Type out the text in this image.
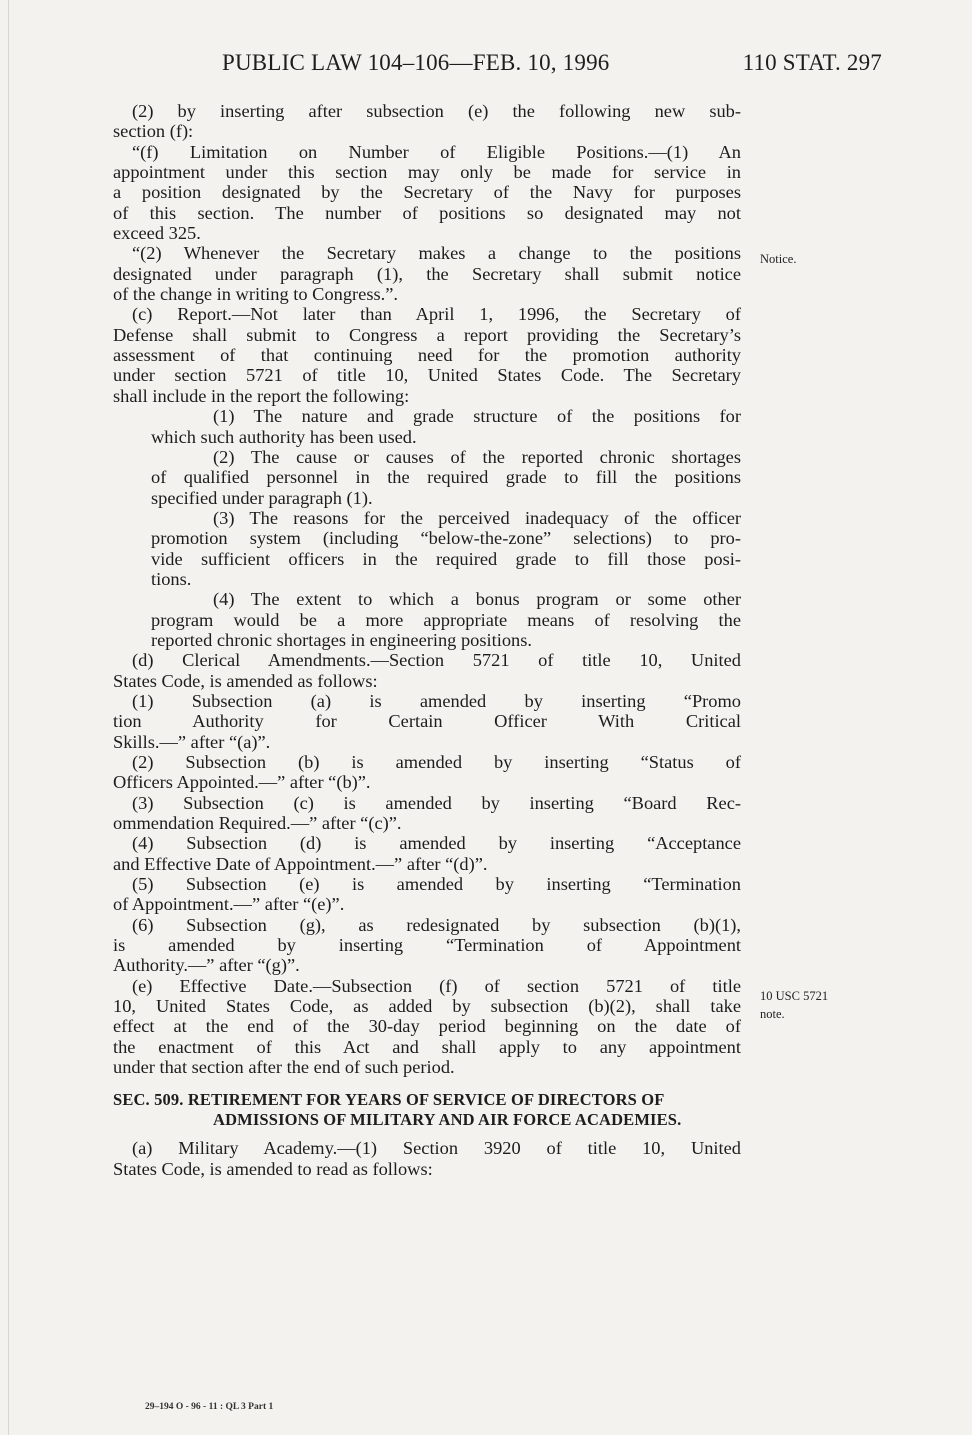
PUBLIC LAW 104–106—FEB. 10, 1996	110 STAT. 297
(2) by inserting after subsection (e) the following new sub-
section (f):
“(f) Limitation on Number of Eligible Positions.—(1) An
appointment under this section may only be made for service in
a position designated by the Secretary of the Navy for purposes
of this section. The number of positions so designated may not
exceed 325.
“(2) Whenever the Secretary makes a change to the positions
designated under paragraph (1), the Secretary shall submit notice
of the change in writing to Congress.”.
(c) Report.—Not later than April 1, 1996, the Secretary of
Defense shall submit to Congress a report providing the Secretary’s
assessment of that continuing need for the promotion authority
under section 5721 of title 10, United States Code. The Secretary
shall include in the report the following:
(1) The nature and grade structure of the positions for
which such authority has been used.
(2) The cause or causes of the reported chronic shortages
of qualified personnel in the required grade to fill the positions
specified under paragraph (1).
(3) The reasons for the perceived inadequacy of the officer
promotion system (including “below-the-zone” selections) to pro-
vide sufficient officers in the required grade to fill those posi-
tions.
(4) The extent to which a bonus program or some other
program would be a more appropriate means of resolving the
reported chronic shortages in engineering positions.
(d) Clerical Amendments.—Section 5721 of title 10, United
States Code, is amended as follows:
(1) Subsection (a) is amended by inserting “Promo
tion Authority for Certain Officer With Critical
Skills.—” after “(a)”.
(2) Subsection (b) is amended by inserting “Status of
Officers Appointed.—” after “(b)”.
(3) Subsection (c) is amended by inserting “Board Rec-
ommendation Required.—” after “(c)”.
(4) Subsection (d) is amended by inserting “Acceptance
and Effective Date of Appointment.—” after “(d)”.
(5) Subsection (e) is amended by inserting “Termination
of Appointment.—” after “(e)”.
(6) Subsection (g), as redesignated by subsection (b)(1),
is amended by inserting “Termination of Appointment
Authority.—” after “(g)”.
(e) Effective Date.—Subsection (f) of section 5721 of title
10, United States Code, as added by subsection (b)(2), shall take
effect at the end of the 30-day period beginning on the date of
the enactment of this Act and shall apply to any appointment
under that section after the end of such period.
SEC. 509. RETIREMENT FOR YEARS OF SERVICE OF DIRECTORS OF
ADMISSIONS OF MILITARY AND AIR FORCE ACADEMIES.
(a) Military Academy.—(1) Section 3920 of title 10, United
States Code, is amended to read as follows:
Notice.
10 USC 5721
note.
29–194 O - 96 - 11 : QL 3 Part 1
